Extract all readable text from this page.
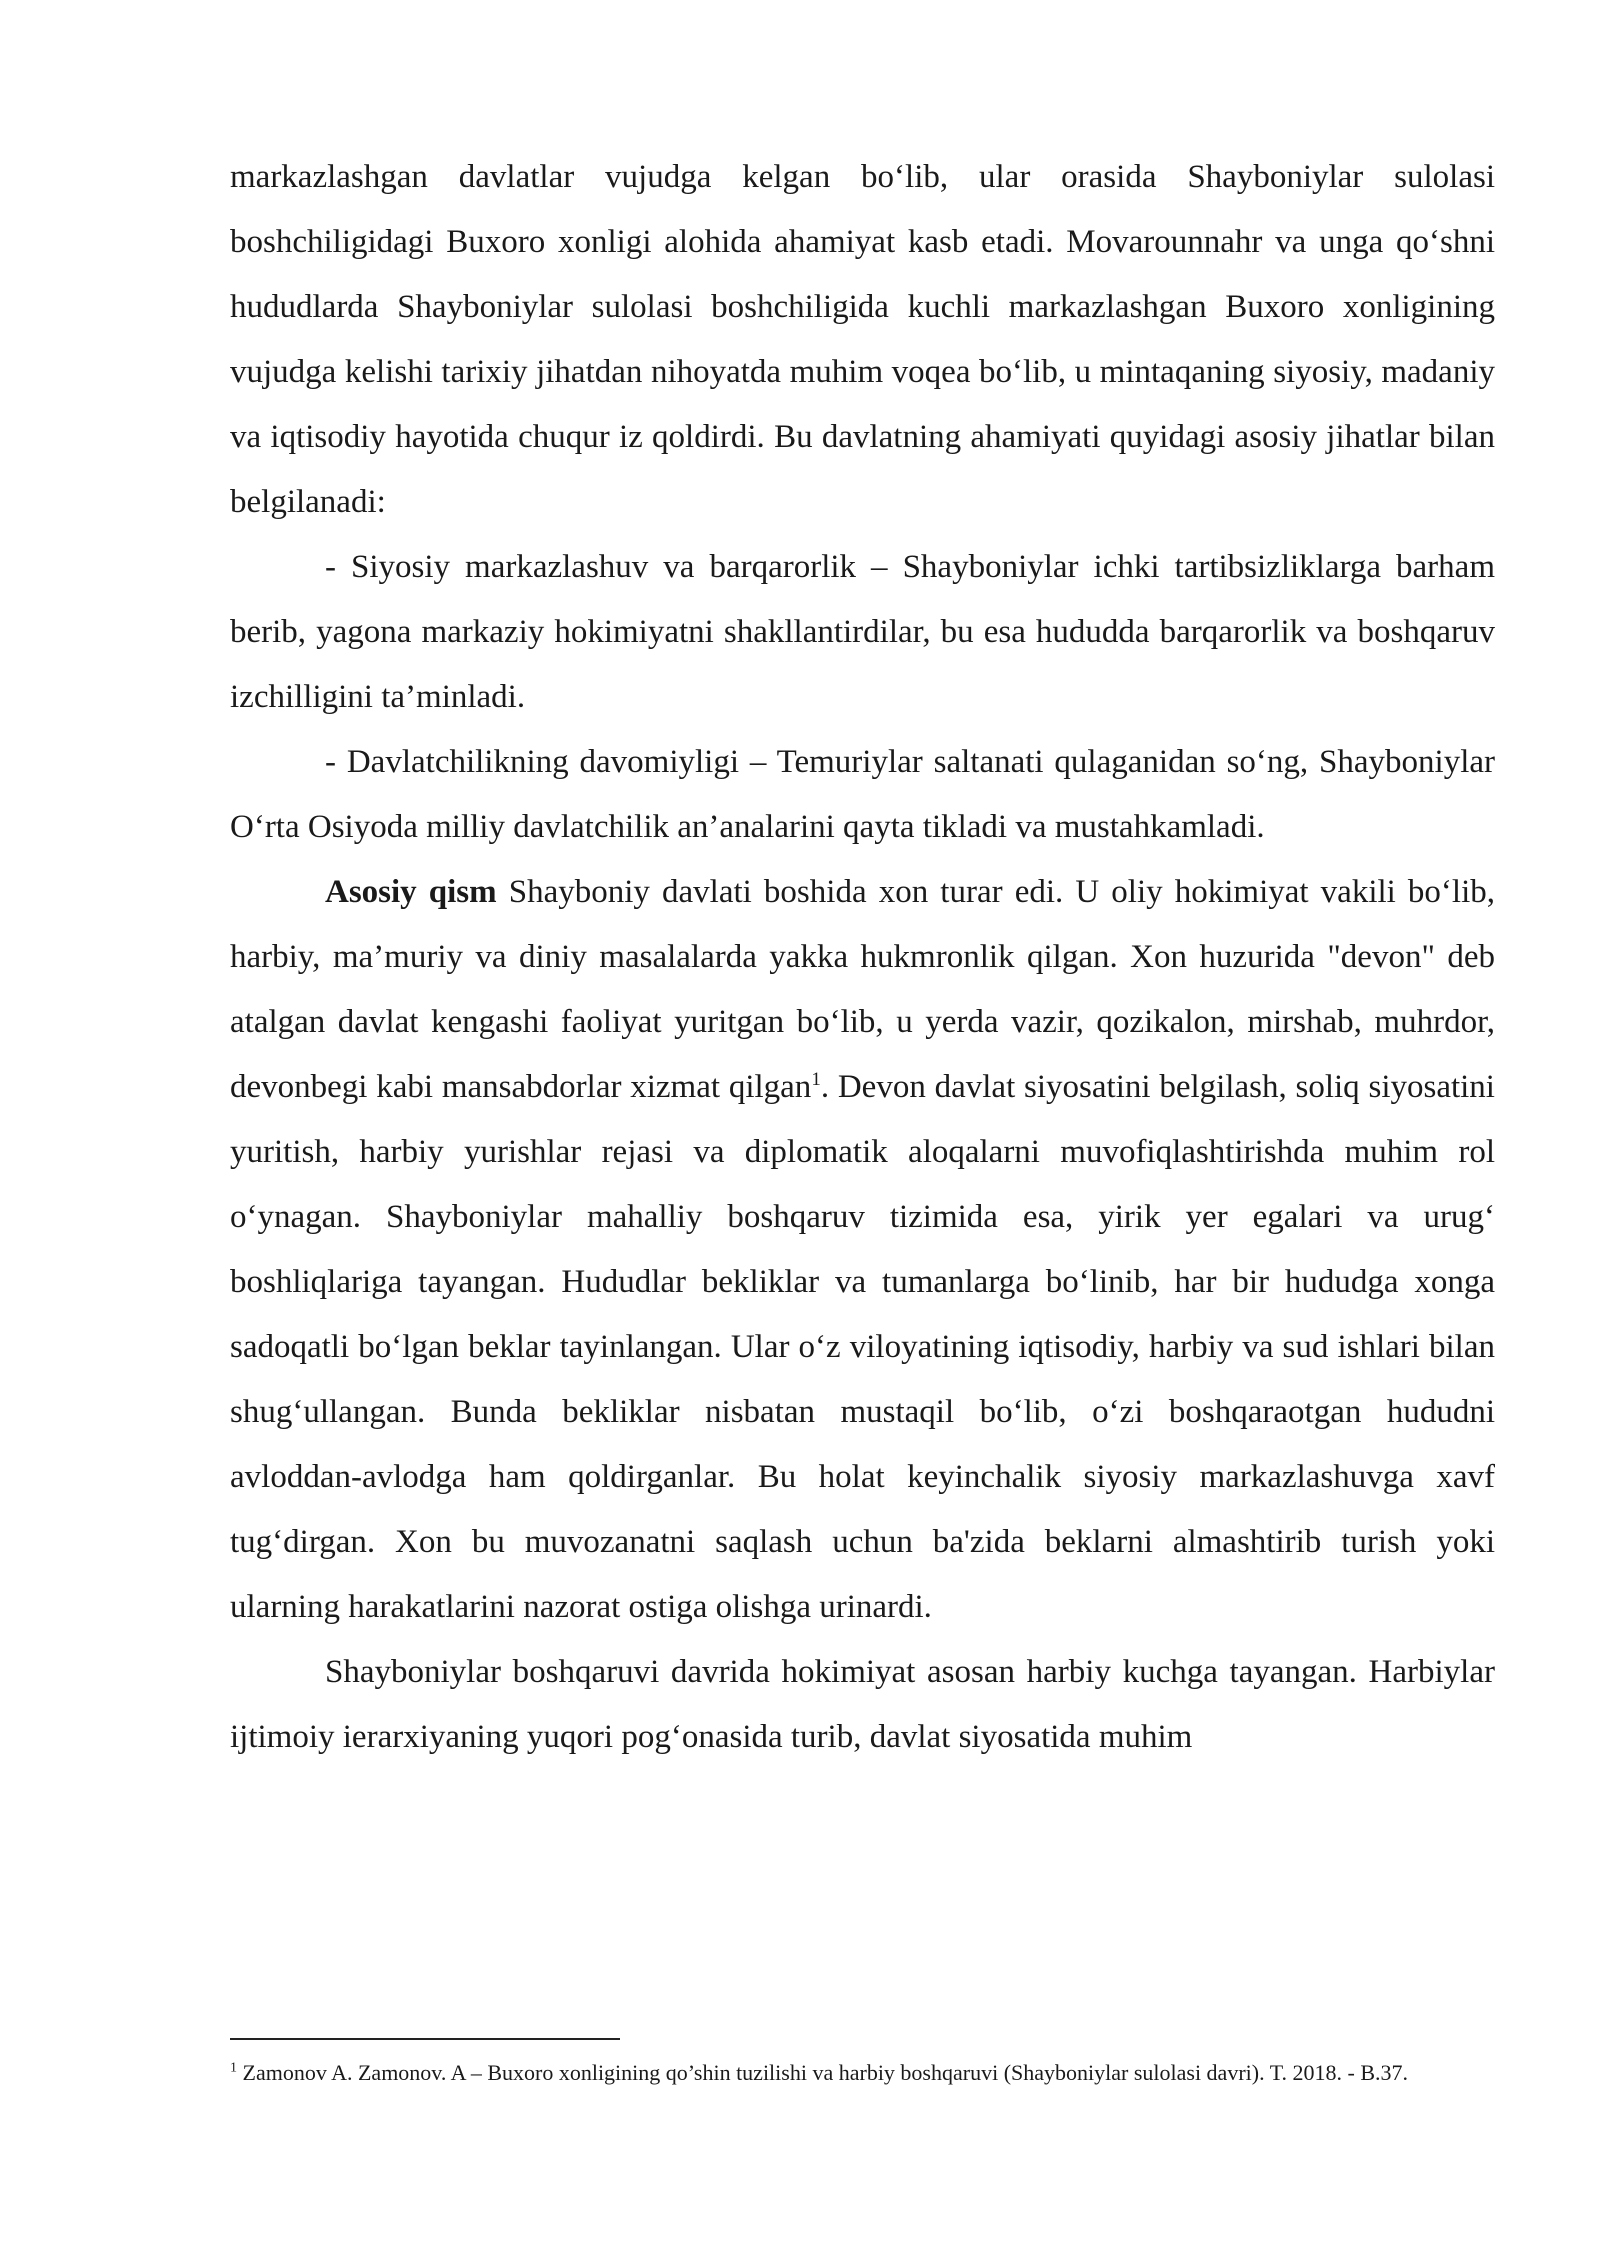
markazlashgan davlatlar vujudga kelgan bo‘lib, ular orasida Shayboniylar sulolasi boshchiligidagi Buxoro xonligi alohida ahamiyat kasb etadi. Movarounnahr va unga qo‘shni hududlarda Shayboniylar sulolasi boshchiligida kuchli markazlashgan Buxoro xonligining vujudga kelishi tarixiy jihatdan nihoyatda muhim voqea bo‘lib, u mintaqaning siyosiy, madaniy va iqtisodiy hayotida chuqur iz qoldirdi. Bu davlatning ahamiyati quyidagi asosiy jihatlar bilan belgilanadi:

- Siyosiy markazlashuv va barqarorlik – Shayboniylar ichki tartibsizliklarga barham berib, yagona markaziy hokimiyatni shakllantirdilar, bu esa hududda barqarorlik va boshqaruv izchilligini ta’minladi.

- Davlatchilikning davomiyligi – Temuriylar saltanati qulaganidan so‘ng, Shayboniylar O‘rta Osiyoda milliy davlatchilik an’analarini qayta tikladi va mustahkamladi.

Asosiy qism Shayboniy davlati boshida xon turar edi. U oliy hokimiyat vakili bo‘lib, harbiy, ma’muriy va diniy masalalarda yakka hukmronlik qilgan. Xon huzurida "devon" deb atalgan davlat kengashi faoliyat yuritgan bo‘lib, u yerda vazir, qozikalon, mirshab, muhrdor, devonbegi kabi mansabdorlar xizmat qilgan$^1$. Devon davlat siyosatini belgilash, soliq siyosatini yuritish, harbiy yurishlar rejasi va diplomatik aloqalarni muvofiqlashtirishda muhim rol o‘ynagan. Shayboniylar mahalliy boshqaruv tizimida esa, yirik yer egalari va urug‘ boshliqlariga tayangan. Hududlar bekliklar va tumanlarga bo‘linib, har bir hududga xonga sadoqatli bo‘lgan beklar tayinlangan. Ular o‘z viloyatining iqtisodiy, harbiy va sud ishlari bilan shug‘ullangan. Bunda bekliklar nisbatan mustaqil bo‘lib, o‘zi boshqaraotgan hududni avloddan-avlodga ham qoldirganlar. Bu holat keyinchalik siyosiy markazlashuvga xavf tug‘dirgan. Xon bu muvozanatni saqlash uchun ba'zida beklarni almashtirib turish yoki ularning harakatlarini nazorat ostiga olishga urinardi.

Shayboniylar boshqaruvi davrida hokimiyat asosan harbiy kuchga tayangan. Harbiylar ijtimoiy ierarxiyaning yuqori pog‘onasida turib, davlat siyosatida muhim

$^1$ Zamonov A. Zamonov. A – Buxoro xonligining qo’shin tuzilishi va harbiy boshqaruvi (Shayboniylar sulolasi davri). T. 2018. - B.37.
